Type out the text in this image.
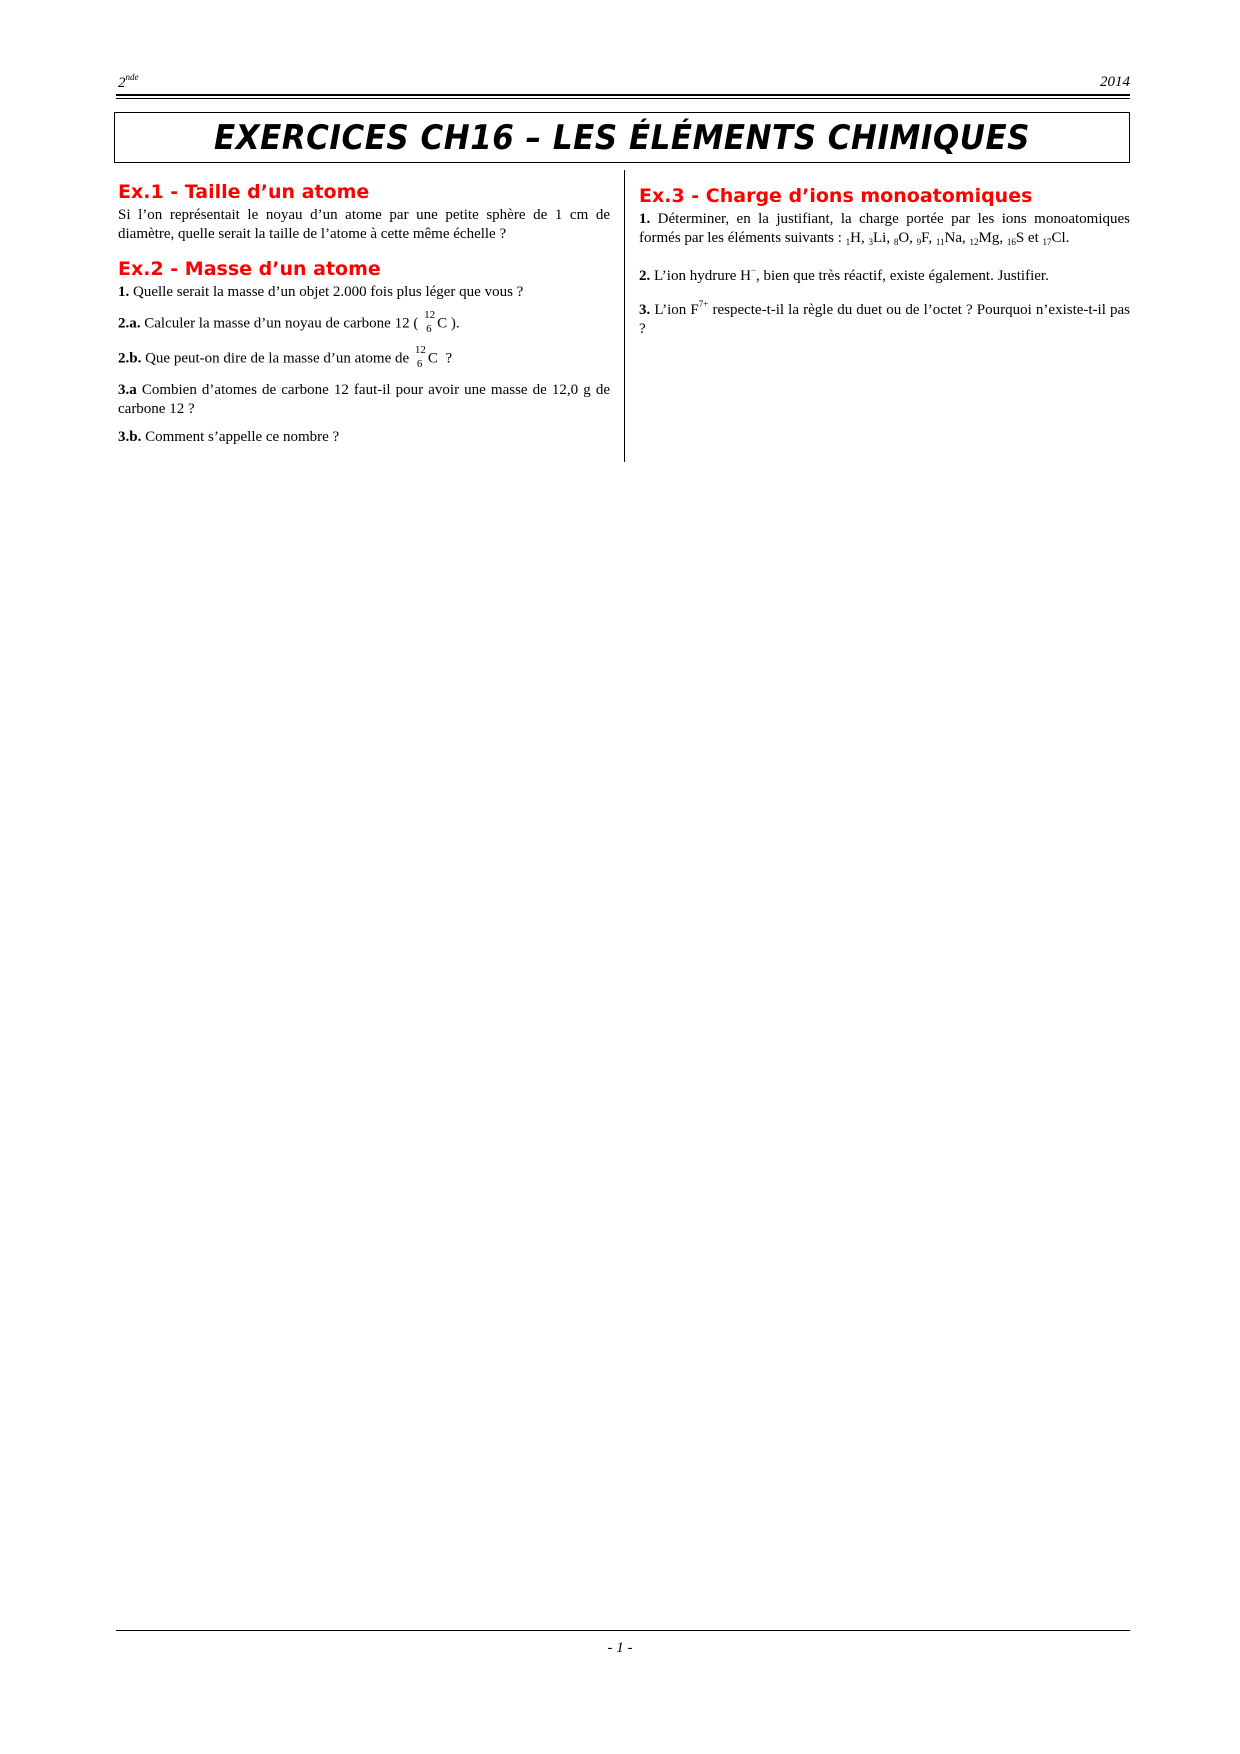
2nde	2014
EXERCICES CH16 – LES ÉLÉMENTS CHIMIQUES
Ex.1 - Taille d’un atome

Si l’on représentait le noyau d’un atome par une petite sphère de 1 cm de diamètre, quelle serait la taille de l’atome à cette même échelle ?

Ex.2 - Masse d’un atome

1. Quelle serait la masse d’un objet 2.000 fois plus léger que vous ?

2.a. Calculer la masse d’un noyau de carbone 12 (
12
6 C ).

2.b. Que peut-on dire de la masse d’un atome de
12
6 C ?

3.a Combien d’atomes de carbone 12 faut-il pour avoir une masse de 12,0 g de carbone 12 ?

3.b. Comment s’appelle ce nombre ?

Ex.3 - Charge d’ions monoatomiques

1. Déterminer, en la justifiant, la charge portée par les ions monoatomiques formés par les éléments suivants : $_1$H, $_3$Li, $_8$O, $_9$F, $_{11}$Na, $_{12}$Mg, $_{16}$S et $_{17}$Cl.

2. L’ion hydrure H−, bien que très réactif, existe également. Justifier.

3. L’ion $F^{7+}$ respecte-t-il la règle du duet ou de l’octet ? Pourquoi n’existe-t-il pas ?

- 1 -
